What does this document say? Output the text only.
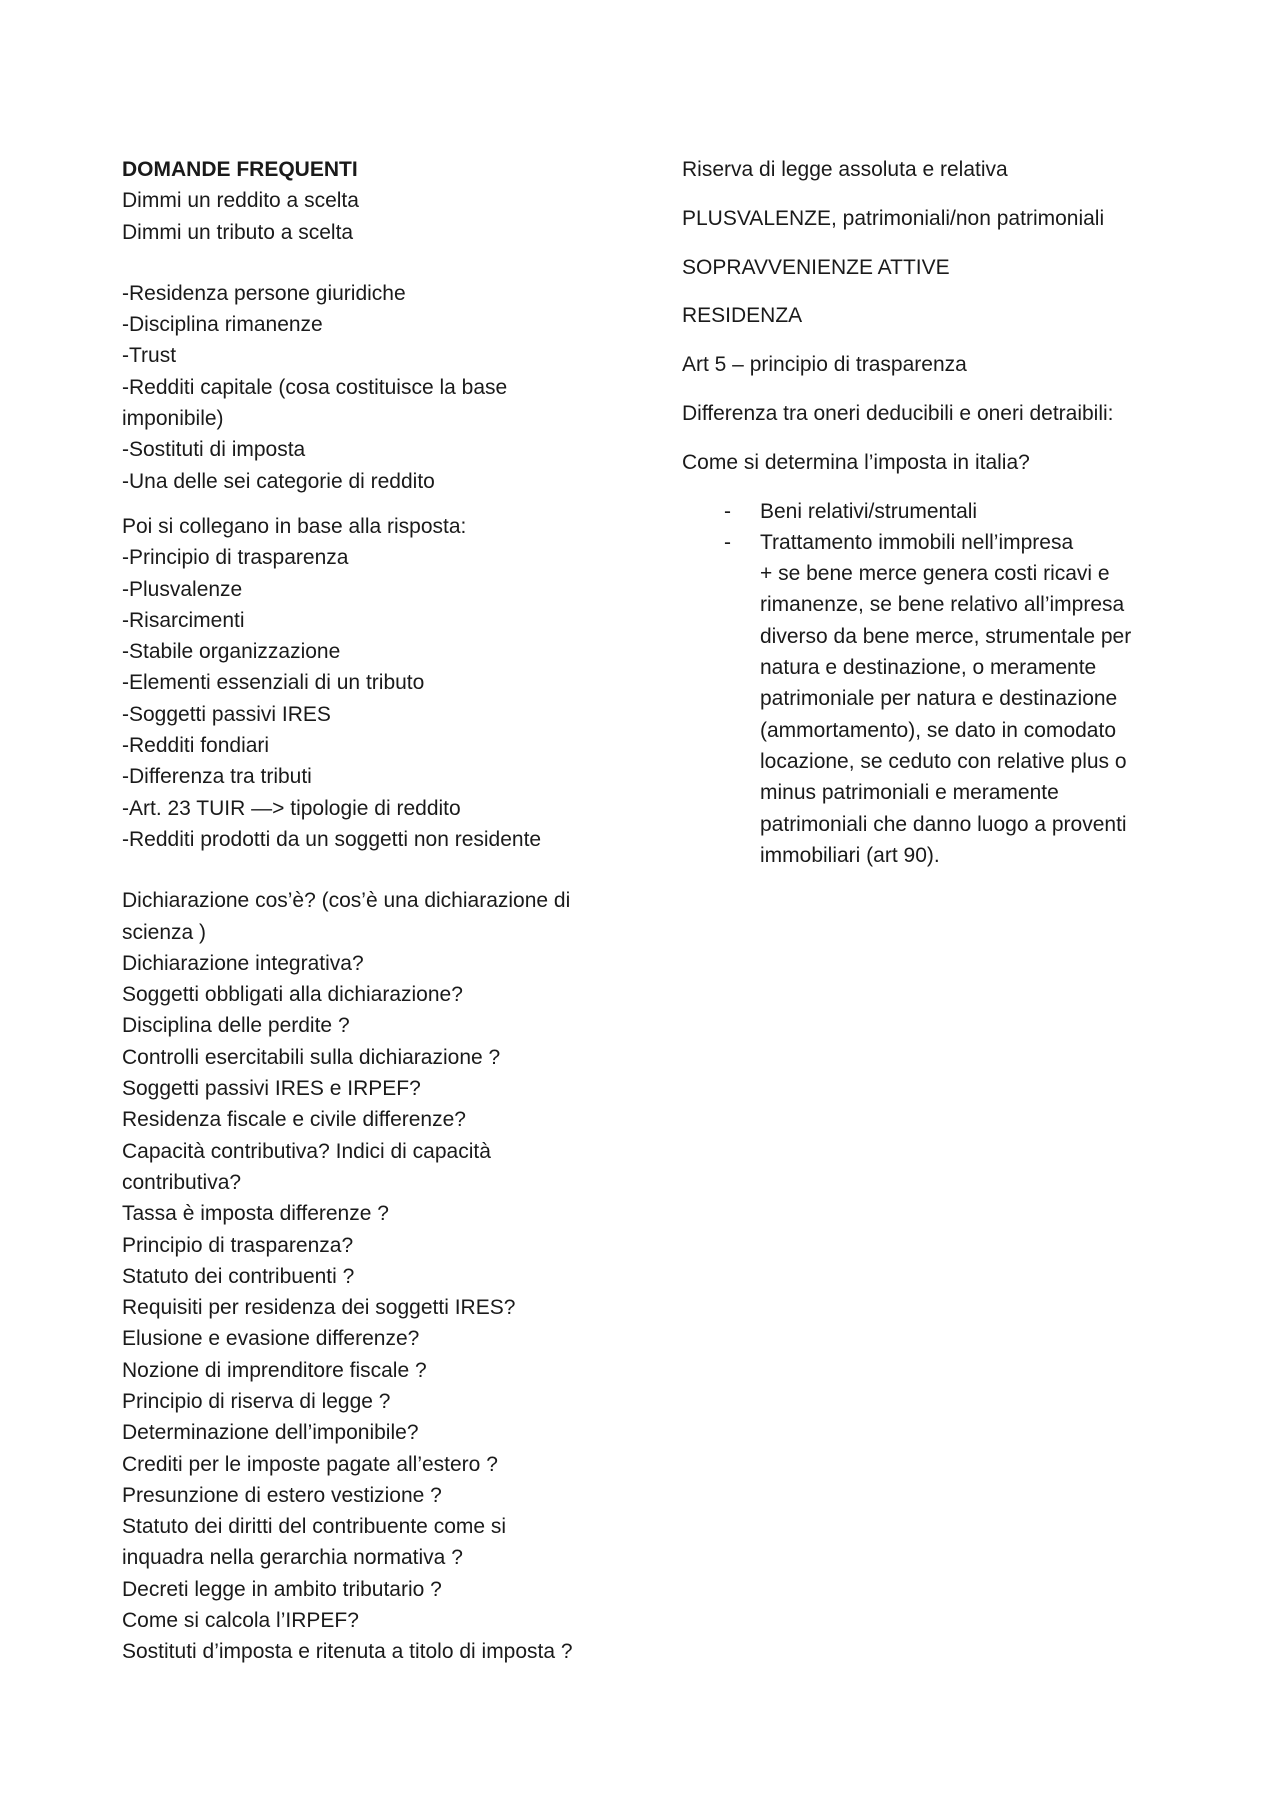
DOMANDE FREQUENTI

Dimmi un reddito a scelta

Dimmi un tributo a scelta

-Residenza persone giuridiche

-Disciplina rimanenze

-Trust

-Redditi capitale (cosa costituisce la base

imponibile)

-Sostituti di imposta

-Una delle sei categorie di reddito

Poi si collegano in base alla risposta:

-Principio di trasparenza

-Plusvalenze

-Risarcimenti

-Stabile organizzazione

-Elementi essenziali di un tributo

-Soggetti passivi IRES

-Redditi fondiari

-Differenza tra tributi

-Art. 23 TUIR —> tipologie di reddito

-Redditi prodotti da un soggetti non residente

Dichiarazione cos’è? (cos’è una dichiarazione di

scienza )

Dichiarazione integrativa?

Soggetti obbligati alla dichiarazione?

Disciplina delle perdite ?

Controlli esercitabili sulla dichiarazione ?

Soggetti passivi IRES e IRPEF?

Residenza fiscale e civile differenze?

Capacità contributiva? Indici di capacità

contributiva?

Tassa è imposta differenze ?

Principio di trasparenza?

Statuto dei contribuenti ?

Requisiti per residenza dei soggetti IRES?

Elusione e evasione differenze?

Nozione di imprenditore fiscale ?

Principio di riserva di legge ?

Determinazione dell’imponibile?

Crediti per le imposte pagate all’estero ?

Presunzione di estero vestizione ?

Statuto dei diritti del contribuente come si

inquadra nella gerarchia normativa ?

Decreti legge in ambito tributario ?

Come si calcola l’IRPEF?

Sostituti d’imposta e ritenuta a titolo di imposta ?

Riserva di legge assoluta e relativa

PLUSVALENZE, patrimoniali/non patrimoniali

SOPRAVVENIENZE ATTIVE

RESIDENZA

Art 5 – principio di trasparenza

Differenza tra oneri deducibili e oneri detraibili:

Come si determina l’imposta in italia?

- Beni relativi/strumentali
- Trattamento immobili nell’impresa

+ se bene merce genera costi ricavi e

rimanenze, se bene relativo all’impresa

diverso da bene merce, strumentale per

natura e destinazione, o meramente

patrimoniale per natura e destinazione

(ammortamento), se dato in comodato

locazione, se ceduto con relative plus o

minus patrimoniali e meramente

patrimoniali che danno luogo a proventi

immobiliari (art 90).
